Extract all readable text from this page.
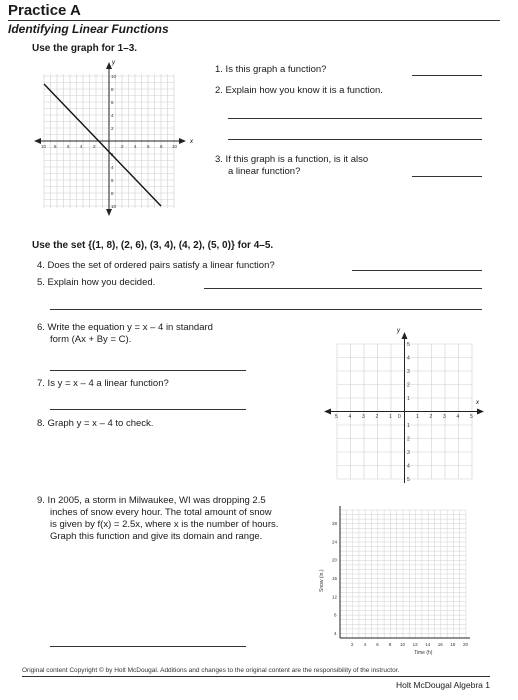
Practice A
Identifying Linear Functions
Use the graph for 1–3.
y
x
10 8 6 4 2	2 4 6 8 10
10
8
6
4
2
4
6
8
10
1. Is this graph a function?
2. Explain how you know it is a function.
3. If this graph is a function, is it also
a linear function?
Use the set {(1, 8), (2, 6), (3, 4), (4, 2), (5, 0)} for 4–5.
4. Does the set of ordered pairs satisfy a linear function?
5. Explain how you decided.
6. Write the equation y = x – 4 in standard
form (Ax + By = C).
7. Is y = x – 4 a linear function?
8. Graph y = x – 4 to check.
y
x
5 4 3 2 1 0	1 2 3 4 5
5
4
3
2
1
1
2
3
4
5
9. In 2005, a storm in Milwaukee, WI was dropping 2.5
inches of snow every hour. The total amount of snow
is given by f(x) = 2.5x, where x is the number of hours.
Graph this function and give its domain and range.
28
24
20
16
12
8
4
2 4 6 8 10 12 14 16 18 20
Time (h)
Snow (in.)
Original content Copyright © by Holt McDougal. Additions and changes to the original content are the responsibility of the instructor.
Holt McDougal Algebra 1
